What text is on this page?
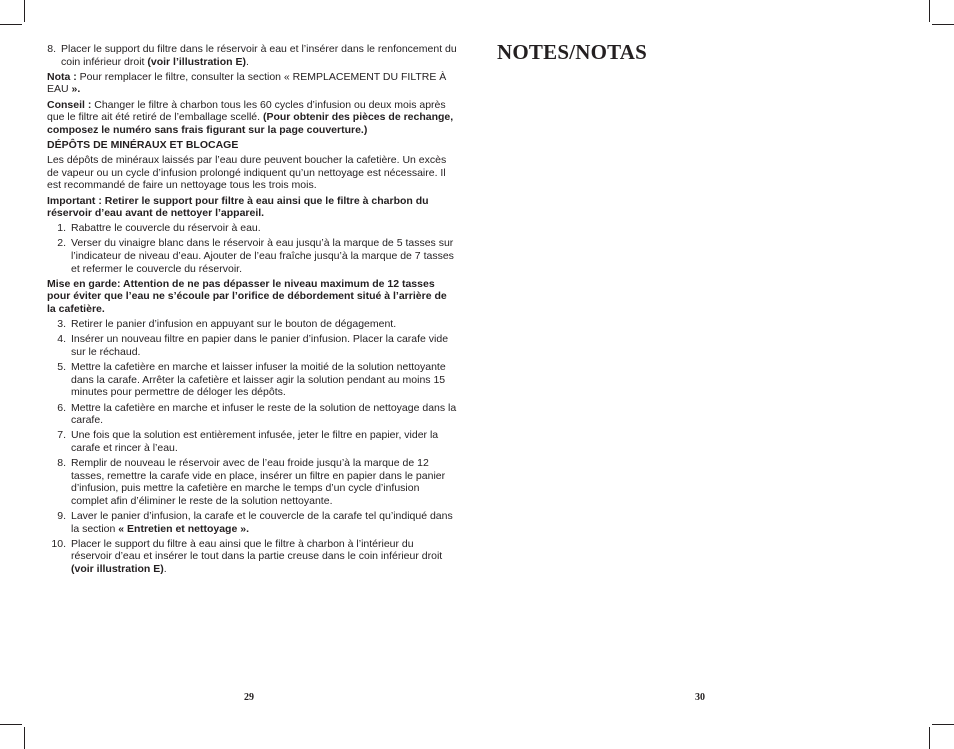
8. Placer le support du filtre dans le réservoir à eau et l’insérer dans le renfoncement du coin inférieur droit (voir l’illustration E).

Nota : Pour remplacer le filtre, consulter la section « REMPLACEMENT DU FILTRE À EAU ».

Conseil : Changer le filtre à charbon tous les 60 cycles d’infusion ou deux mois après que le filtre ait été retiré de l’emballage scellé. (Pour obtenir des pièces de rechange, composez le numéro sans frais figurant sur la page couverture.)

DÉPÔTS DE MINÉRAUX ET BLOCAGE

Les dépôts de minéraux laissés par l’eau dure peuvent boucher la cafetière. Un excès de vapeur ou un cycle d’infusion prolongé indiquent qu’un nettoyage est nécessaire. Il est recommandé de faire un nettoyage tous les trois mois.

Important : Retirer le support pour filtre à eau ainsi que le filtre à charbon du réservoir d’eau avant de nettoyer l’appareil.

1. Rabattre le couvercle du réservoir à eau.
2. Verser du vinaigre blanc dans le réservoir à eau jusqu’à la marque de 5 tasses sur l’indicateur de niveau d’eau. Ajouter de l’eau fraîche jusqu’à la marque de 7 tasses et refermer le couvercle du réservoir.

Mise en garde: Attention de ne pas dépasser le niveau maximum de 12 tasses pour éviter que l’eau ne s’écoule par l’orifice de débordement situé à l’arrière de la cafetière.

3. Retirer le panier d’infusion en appuyant sur le bouton de dégagement.
4. Insérer un nouveau filtre en papier dans le panier d’infusion. Placer la carafe vide sur le réchaud.
5. Mettre la cafetière en marche et laisser infuser la moitié de la solution nettoyante dans la carafe. Arrêter la cafetière et laisser agir la solution pendant au moins 15 minutes pour permettre de déloger les dépôts.
6. Mettre la cafetière en marche et infuser le reste de la solution de nettoyage dans la carafe.
7. Une fois que la solution est entièrement infusée, jeter le filtre en papier, vider la carafe et rincer à l’eau.
8. Remplir de nouveau le réservoir avec de l’eau froide jusqu’à la marque de 12 tasses, remettre la carafe vide en place, insérer un filtre en papier dans le panier d’infusion, puis mettre la cafetière en marche le temps d’un cycle d’infusion complet afin d’éliminer le reste de la solution nettoyante.
9. Laver le panier d’infusion, la carafe et le couvercle de la carafe tel qu’indiqué dans la section « Entretien et nettoyage ».
10. Placer le support du filtre à eau ainsi que le filtre à charbon à l’intérieur du réservoir d’eau et insérer le tout dans la partie creuse dans le coin inférieur droit (voir illustration E).
29
NOTES/NOTAS
30
